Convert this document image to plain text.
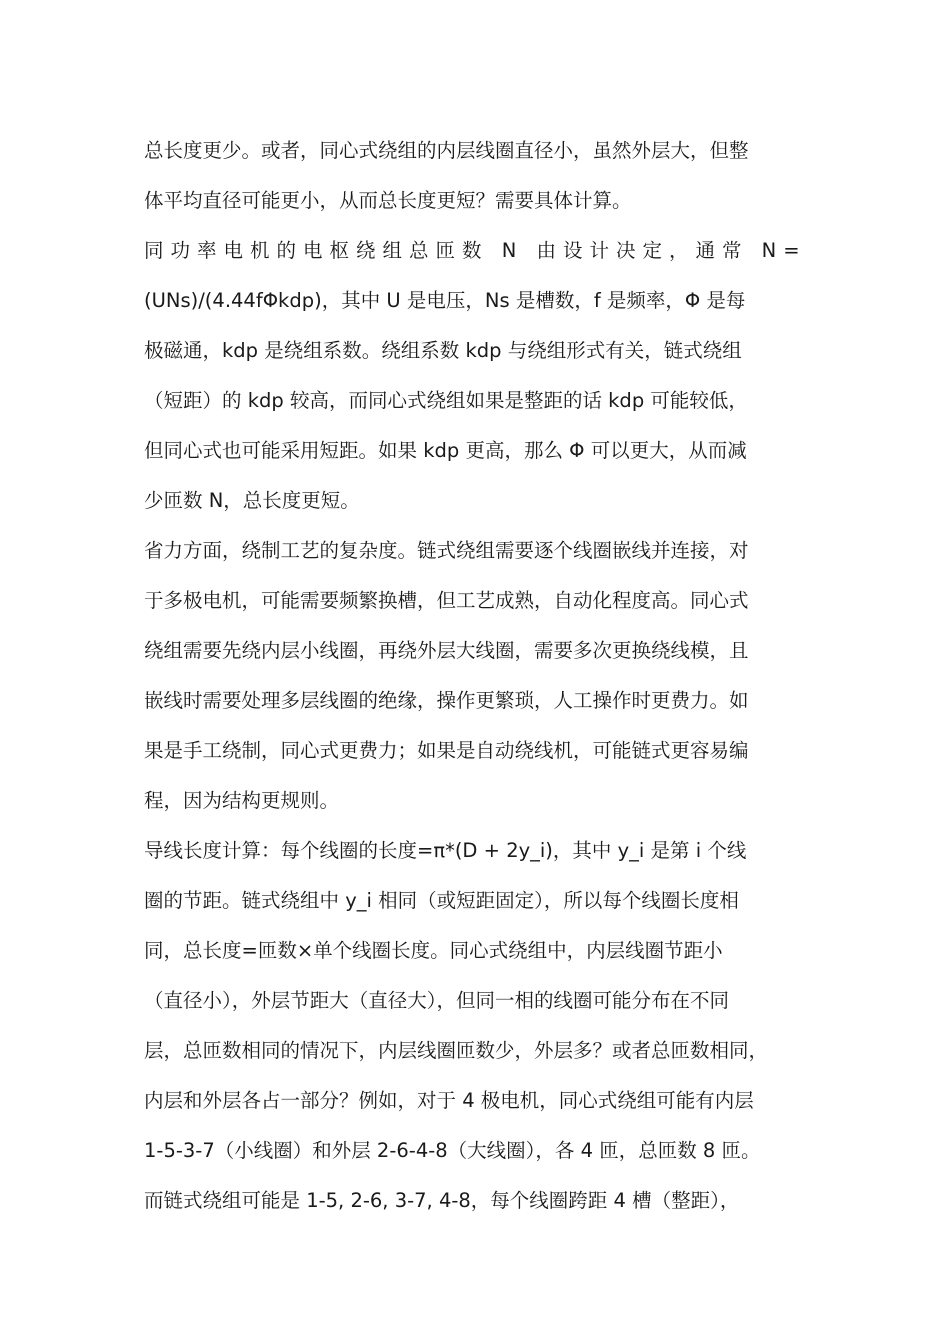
总长度更少。或者，同心式绕组的内层线圈直径小，虽然外层大，但整
体平均直径可能更小，从而总长度更短？需要具体计算。
同功率电机的电枢绕组总匝数 N 由设计决定，通常 N=
(UNs)/(4.44fΦkdp)，其中 U 是电压，Ns 是槽数，f 是频率，Φ 是每
极磁通，kdp 是绕组系数。绕组系数 kdp 与绕组形式有关，链式绕组
（短距）的 kdp 较高，而同心式绕组如果是整距的话 kdp 可能较低，
但同心式也可能采用短距。如果 kdp 更高，那么 Φ 可以更大，从而减
少匝数 N，总长度更短。
省力方面，绕制工艺的复杂度。链式绕组需要逐个线圈嵌线并连接，对
于多极电机，可能需要频繁换槽，但工艺成熟，自动化程度高。同心式
绕组需要先绕内层小线圈，再绕外层大线圈，需要多次更换绕线模，且
嵌线时需要处理多层线圈的绝缘，操作更繁琐，人工操作时更费力。如
果是手工绕制，同心式更费力；如果是自动绕线机，可能链式更容易编
程，因为结构更规则。
导线长度计算：每个线圈的长度=π*(D + 2y_i)，其中 y_i 是第 i 个线
圈的节距。链式绕组中 y_i 相同（或短距固定），所以每个线圈长度相
同，总长度=匝数×单个线圈长度。同心式绕组中，内层线圈节距小
（直径小），外层节距大（直径大），但同一相的线圈可能分布在不同
层，总匝数相同的情况下，内层线圈匝数少，外层多？或者总匝数相同，
内层和外层各占一部分？例如，对于 4 极电机，同心式绕组可能有内层
1-5-3-7（小线圈）和外层 2-6-4-8（大线圈），各 4 匝，总匝数 8 匝。
而链式绕组可能是 1-5, 2-6, 3-7, 4-8，每个线圈跨距 4 槽（整距），
